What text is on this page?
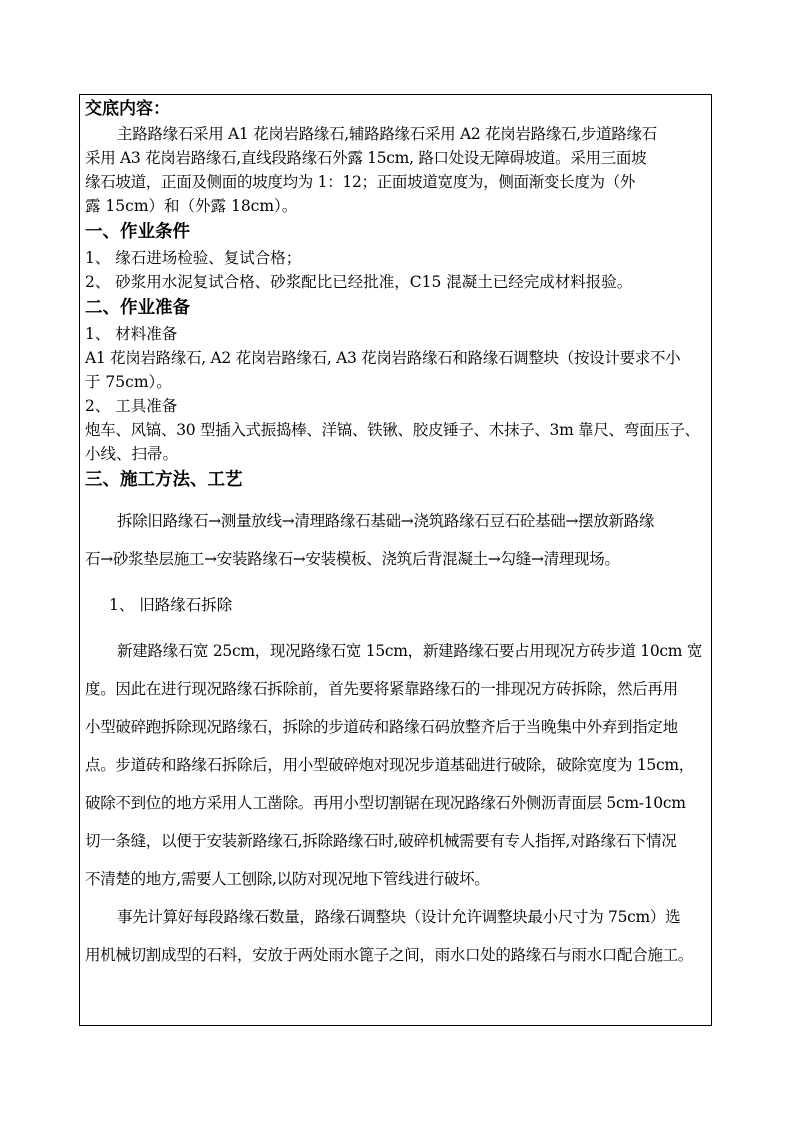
交底内容：
主路路缘石采用 A1 花岗岩路缘石,辅路路缘石采用 A2 花岗岩路缘石,步道路缘石
采用 A3 花岗岩路缘石,直线段路缘石外露 15cm, 路口处设无障碍坡道。采用三面坡
缘石坡道，正面及侧面的坡度均为 1：12；正面坡道宽度为，侧面渐变长度为（外
露 15cm）和（外露 18cm）。
一、作业条件
1、 缘石进场检验、复试合格；
2、 砂浆用水泥复试合格、砂浆配比已经批准，C15 混凝土已经完成材料报验。
二、作业准备
1、 材料准备
A1 花岗岩路缘石, A2 花岗岩路缘石, A3 花岗岩路缘石和路缘石调整块（按设计要求不小
于 75cm）。
2、 工具准备
炮车、风镐、30 型插入式振捣棒、洋镐、铁锹、胶皮锤子、木抹子、3m 靠尺、弯面压子、
小线、扫帚。
三、施工方法、工艺
拆除旧路缘石→测量放线→清理路缘石基础→浇筑路缘石豆石砼基础→摆放新路缘
石→砂浆垫层施工→安装路缘石→安装模板、浇筑后背混凝土→勾缝→清理现场。
1、 旧路缘石拆除
新建路缘石宽 25cm，现况路缘石宽 15cm，新建路缘石要占用现况方砖步道 10cm 宽
度。因此在进行现况路缘石拆除前，首先要将紧靠路缘石的一排现况方砖拆除，然后再用
小型破碎跑拆除现况路缘石，拆除的步道砖和路缘石码放整齐后于当晚集中外弃到指定地
点。步道砖和路缘石拆除后，用小型破碎炮对现况步道基础进行破除，破除宽度为 15cm，
破除不到位的地方采用人工凿除。再用小型切割锯在现况路缘石外侧沥青面层 5cm-10cm
切一条缝，以便于安装新路缘石,拆除路缘石时,破碎机械需要有专人指挥,对路缘石下情况
不清楚的地方,需要人工刨除,以防对现况地下管线进行破坏。
事先计算好每段路缘石数量，路缘石调整块（设计允许调整块最小尺寸为 75cm）选
用机械切割成型的石料，安放于两处雨水篦子之间，雨水口处的路缘石与雨水口配合施工。
